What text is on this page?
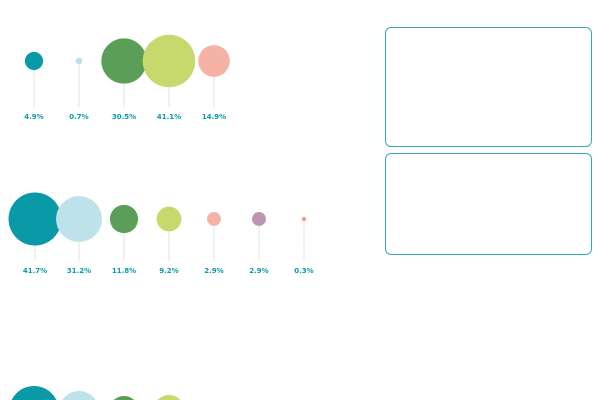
4.9%	0.7%	30.5%	41.1%	14.9%
41.7%	31.2%	11.8%	9.2%	2.9%	2.9%	0.3%
